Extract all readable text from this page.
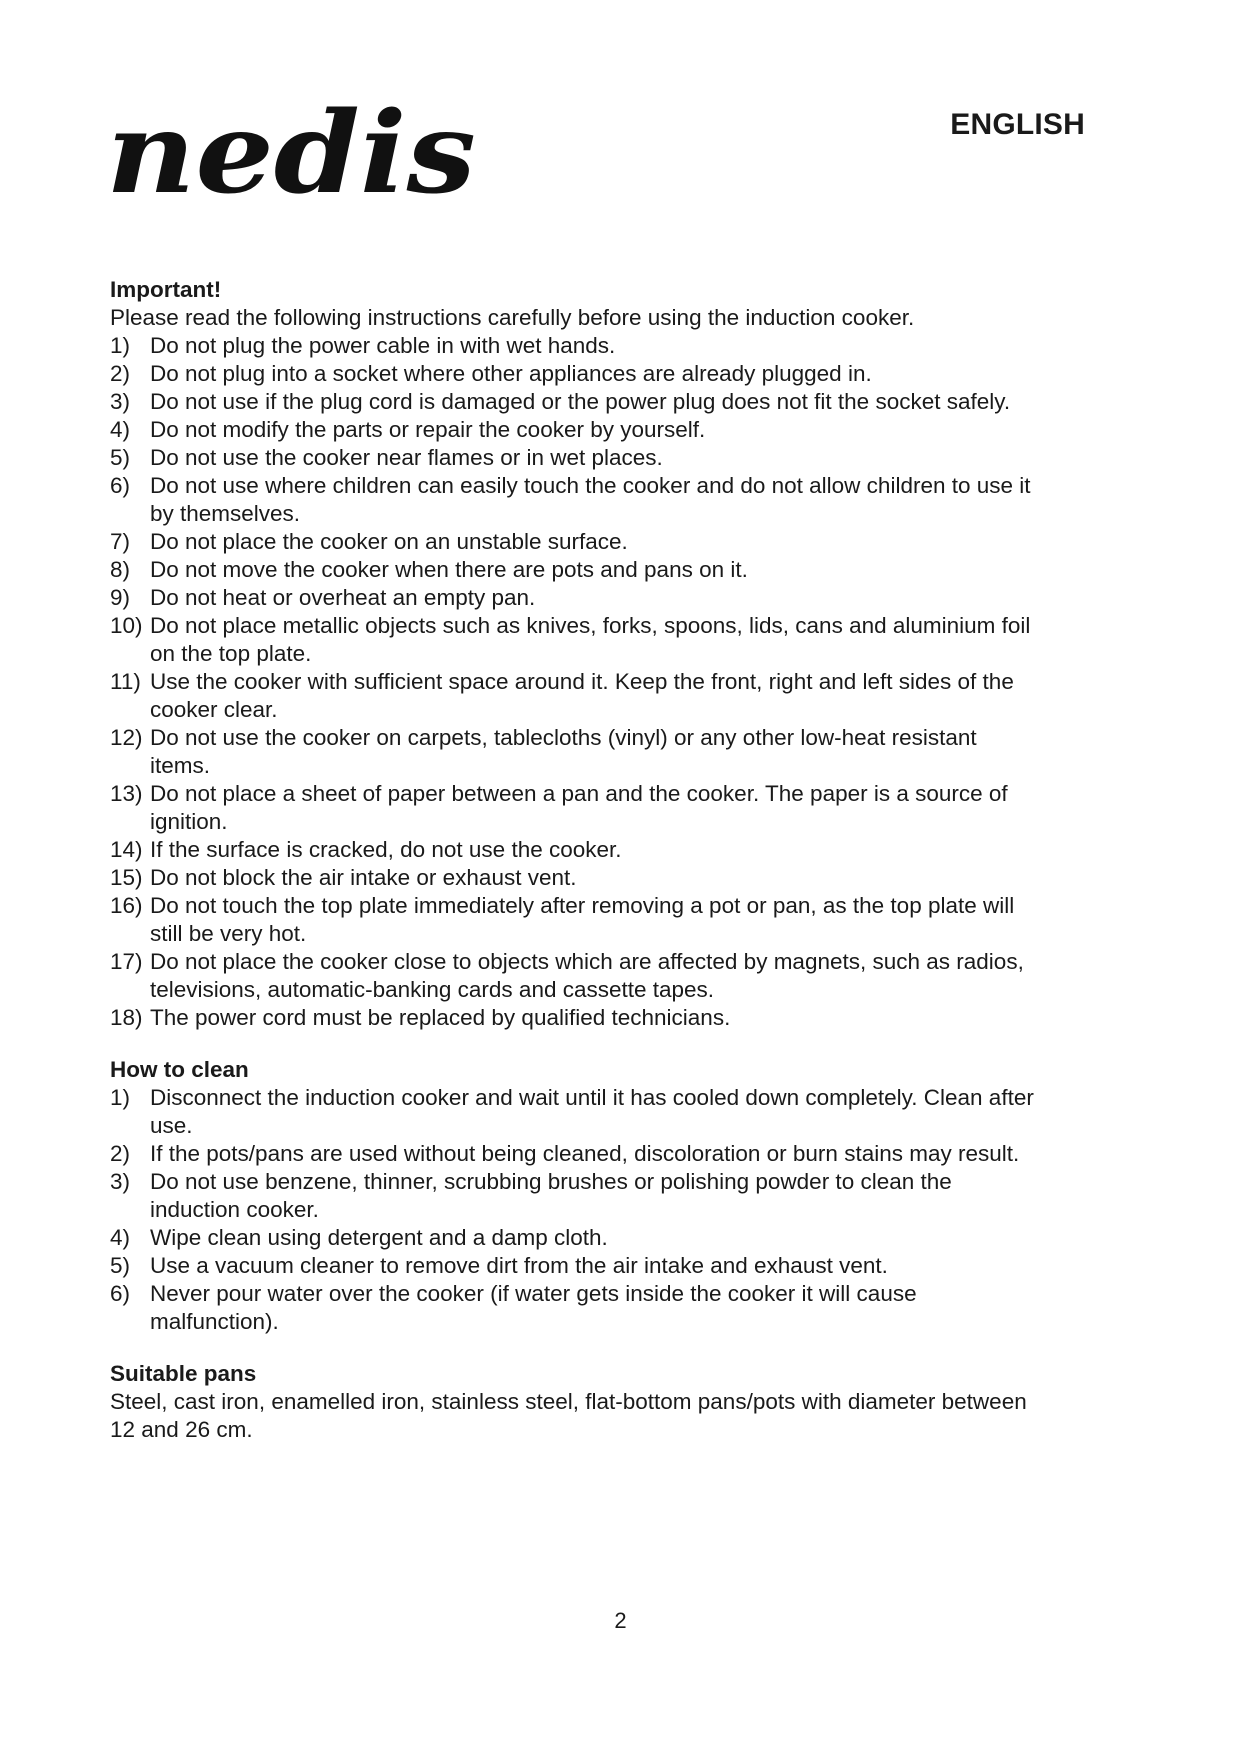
nedis	ENGLISH

Important!

Please read the following instructions carefully before using the induction cooker.

1) Do not plug the power cable in with wet hands.
2) Do not plug into a socket where other appliances are already plugged in.
3) Do not use if the plug cord is damaged or the power plug does not fit the socket safely.
4) Do not modify the parts or repair the cooker by yourself.
5) Do not use the cooker near flames or in wet places.
6) Do not use where children can easily touch the cooker and do not allow children to use it by themselves.
7) Do not place the cooker on an unstable surface.
8) Do not move the cooker when there are pots and pans on it.
9) Do not heat or overheat an empty pan.
10) Do not place metallic objects such as knives, forks, spoons, lids, cans and aluminium foil on the top plate.
11) Use the cooker with sufficient space around it. Keep the front, right and left sides of the cooker clear.
12) Do not use the cooker on carpets, tablecloths (vinyl) or any other low-heat resistant items.
13) Do not place a sheet of paper between a pan and the cooker. The paper is a source of ignition.
14) If the surface is cracked, do not use the cooker.
15) Do not block the air intake or exhaust vent.
16) Do not touch the top plate immediately after removing a pot or pan, as the top plate will still be very hot.
17) Do not place the cooker close to objects which are affected by magnets, such as radios, televisions, automatic-banking cards and cassette tapes.
18) The power cord must be replaced by qualified technicians.

How to clean

1) Disconnect the induction cooker and wait until it has cooled down completely. Clean after use.
2) If the pots/pans are used without being cleaned, discoloration or burn stains may result.
3) Do not use benzene, thinner, scrubbing brushes or polishing powder to clean the induction cooker.
4) Wipe clean using detergent and a damp cloth.
5) Use a vacuum cleaner to remove dirt from the air intake and exhaust vent.
6) Never pour water over the cooker (if water gets inside the cooker it will cause malfunction).

Suitable pans

Steel, cast iron, enamelled iron, stainless steel, flat-bottom pans/pots with diameter between 12 and 26 cm.

2
